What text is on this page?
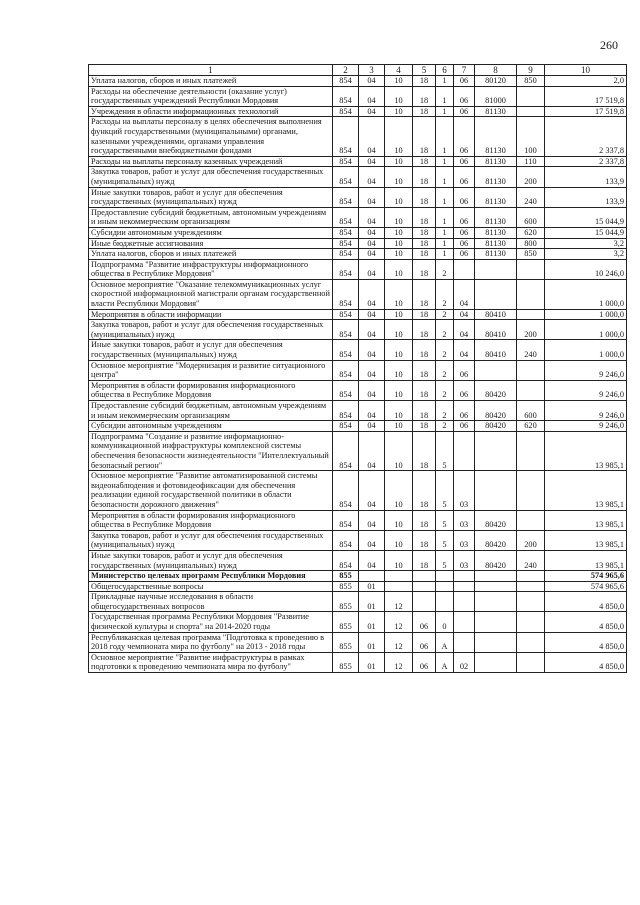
260
1	2	3	4	5	6	7	8	9	10
Уплата налогов, сборов и иных платежей	854	04	10	18	1	06	80120	850	2,0
Расходы на обеспечение деятельности (оказание услуг) государственных учреждений Республики Мордовия	854	04	10	18	1	06	81000		17 519,8
Учреждения в области информационных технологий	854	04	10	18	1	06	81130		17 519,8
Расходы на выплаты персоналу в целях обеспечения выполнения функций государственными (муниципальными) органами, казенными учреждениями, органами управления государственными внебюджетными фондами	854	04	10	18	1	06	81130	100	2 337,8
Расходы на выплаты персоналу казенных учреждений	854	04	10	18	1	06	81130	110	2 337,8
Закупка товаров, работ и услуг для обеспечения государственных (муниципальных) нужд	854	04	10	18	1	06	81130	200	133,9
Иные закупки товаров, работ и услуг для обеспечения государственных (муниципальных) нужд	854	04	10	18	1	06	81130	240	133,9
Предоставление субсидий бюджетным, автономным учреждениям и иным некоммерческим организациям	854	04	10	18	1	06	81130	600	15 044,9
Субсидии автономным учреждениям	854	04	10	18	1	06	81130	620	15 044,9
Иные бюджетные ассигнования	854	04	10	18	1	06	81130	800	3,2
Уплата налогов, сборов и иных платежей	854	04	10	18	1	06	81130	850	3,2
Подпрограмма "Развитие инфраструктуры информационного общества в Республике Мордовия"	854	04	10	18	2				10 246,0
Основное мероприятие "Оказание телекоммуникационных услуг скоростной информационной магистрали органам государственной власти Республики Мордовия"	854	04	10	18	2	04			1 000,0
Мероприятия в области информации	854	04	10	18	2	04	80410		1 000,0
Закупка товаров, работ и услуг для обеспечения государственных (муниципальных) нужд	854	04	10	18	2	04	80410	200	1 000,0
Иные закупки товаров, работ и услуг для обеспечения государственных (муниципальных) нужд	854	04	10	18	2	04	80410	240	1 000,0
Основное мероприятие "Модернизация и развитие ситуационного центра"	854	04	10	18	2	06			9 246,0
Мероприятия в области формирования информационного общества в Республике Мордовия	854	04	10	18	2	06	80420		9 246,0
Предоставление субсидий бюджетным, автономным учреждениям и иным некоммерческим организациям	854	04	10	18	2	06	80420	600	9 246,0
Субсидии автономным учреждениям	854	04	10	18	2	06	80420	620	9 246,0
Подпрограмма "Создание и развитие информационно-коммуникационной инфраструктуры комплексной системы обеспечения безопасности жизнедеятельности "Интеллектуальный безопасный регион"	854	04	10	18	5				13 985,1
Основное мероприятие "Развитие автоматизированной системы видеонаблюдения и фотовидеофиксации для обеспечения реализации единой государственной политики в области безопасности дорожного движения"	854	04	10	18	5	03			13 985,1
Мероприятия в области формирования информационного общества в Республике Мордовия	854	04	10	18	5	03	80420		13 985,1
Закупка товаров, работ и услуг для обеспечения государственных (муниципальных) нужд	854	04	10	18	5	03	80420	200	13 985,1
Иные закупки товаров, работ и услуг для обеспечения государственных (муниципальных) нужд	854	04	10	18	5	03	80420	240	13 985,1
Министерство целевых программ Республики Мордовия	855								574 965,6
Общегосударственные вопросы	855	01							574 965,6
Прикладные научные исследования в области общегосударственных вопросов	855	01	12						4 850,0
Государственная программа Республики Мордовия "Развитие физической культуры и спорта" на 2014-2020 годы	855	01	12	06	0				4 850,0
Республиканская целевая программа "Подготовка к проведению в 2018 году чемпионата мира по футболу" на 2013 - 2018 годы	855	01	12	06	А				4 850,0
Основное мероприятие "Развитие инфраструктуры в рамках подготовки к проведению чемпионата мира по футболу"	855	01	12	06	А	02			4 850,0
